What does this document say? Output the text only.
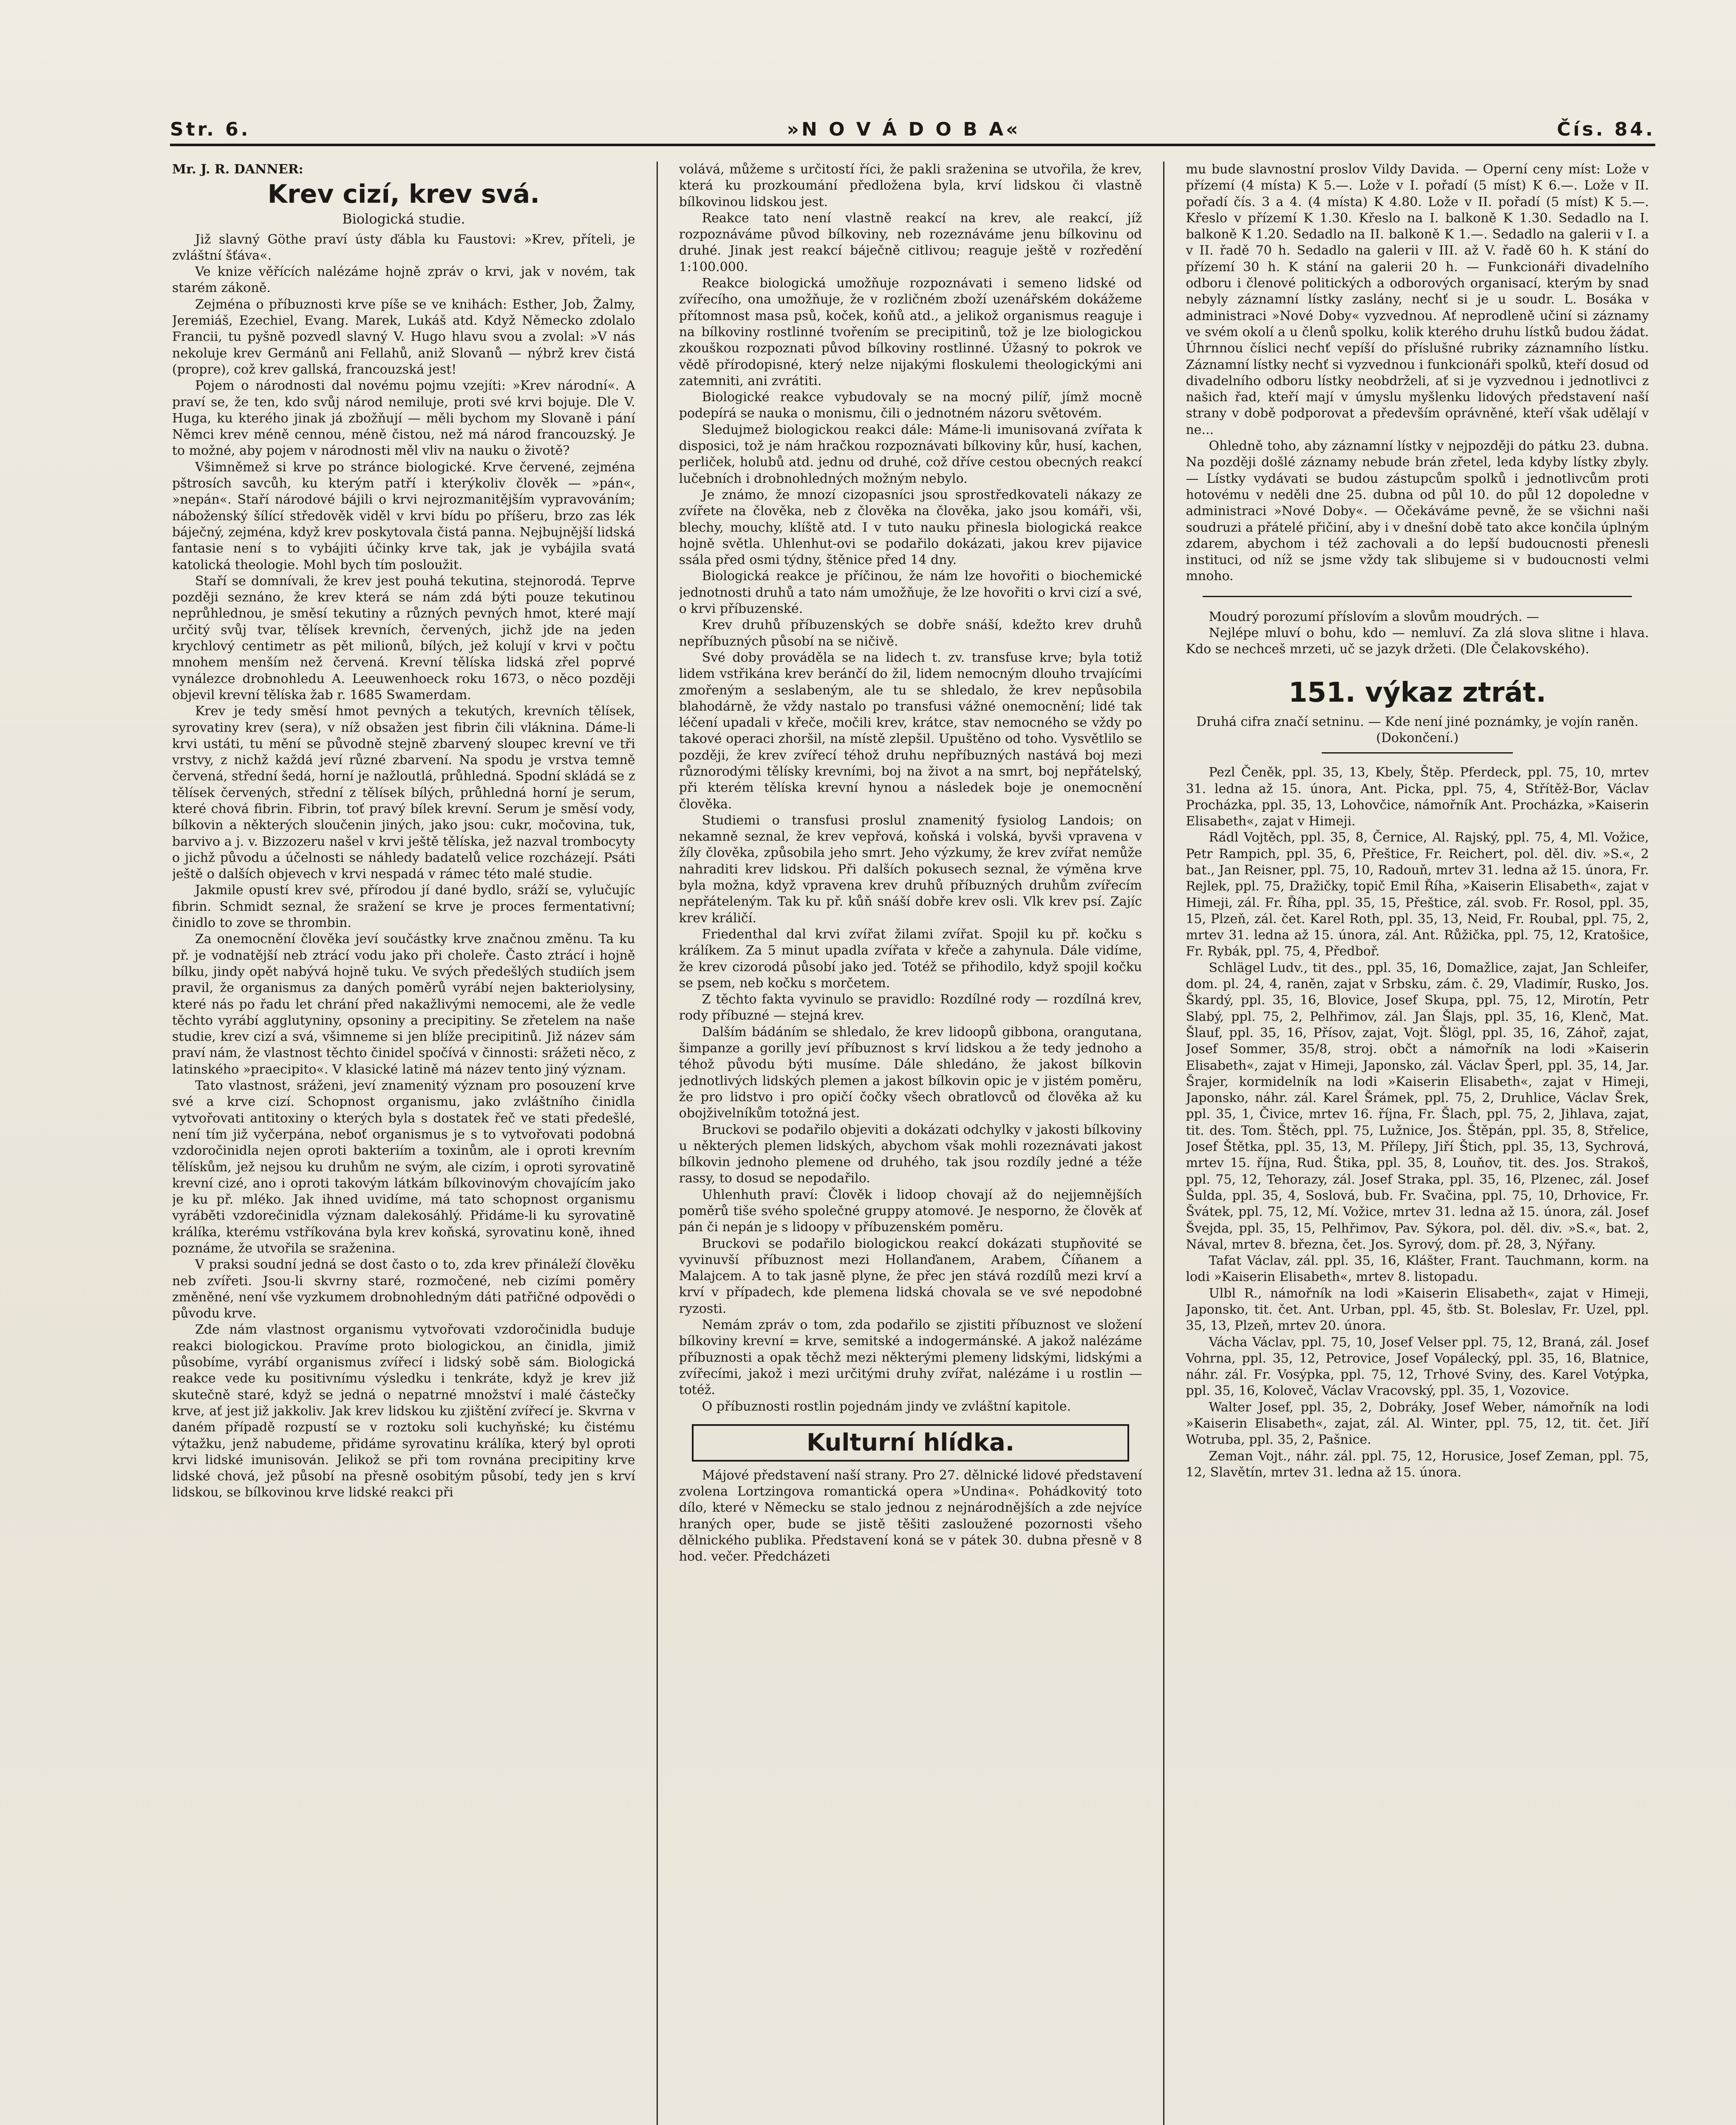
Str. 6.	»N O V Á D O B A«	Čís. 84.

Mr. J. R. DANNER:

Krev cizí, krev svá.
Biologická studie.

Již slavný Göthe praví ústy ďábla ku Faustovi: »Krev, příteli, je zvláštní šťáva«.

Ve knize věřících nalézáme hojně zpráv o krvi, jak v novém, tak starém zákoně.

Zejména o příbuznosti krve píše se ve knihách: Esther, Job, Žalmy, Jeremiáš, Ezechiel, Evang. Marek, Lukáš atd. Když Německo zdolalo Francii, tu pyšně pozvedl slavný V. Hugo hlavu svou a zvolal: »V nás nekoluje krev Germánů ani Fellahů, aniž Slovanů — nýbrž krev čistá (propre), což krev gallská, francouzská jest!

Pojem o národnosti dal novému pojmu vzejíti: »Krev národní«. A praví se, že ten, kdo svůj národ nemiluje, proti své krvi bojuje. Dle V. Huga, ku kterého jinak já zbožňují — měli bychom my Slovaně i pání Němci krev méně cennou, méně čistou, než má národ francouzský. Je to možné, aby pojem v národnosti měl vliv na nauku o životě?

Všimněmež si krve po stránce biologické. Krve červené, zejména pštrosích savcůh, ku kterým patří i kterýkoliv člověk — »pán«, »nepán«. Staří národové bájili o krvi nejrozmanitějším vypravováním; náboženský šílící středověk viděl v krvi bídu po příšeru, brzo zas lék báječný, zejména, když krev poskytovala čistá panna. Nejbujnější lidská fantasie není s to vybájiti účinky krve tak, jak je vybájila svatá katolická theologie. Mohl bych tím posloužit.

Staří se domnívali, že krev jest pouhá tekutina, stejnorodá. Teprve později seznáno, že krev která se nám zdá býti pouze tekutinou neprůhlednou, je směsí tekutiny a různých pevných hmot, které mají určitý svůj tvar, tělísek krevních, červených, jichž jde na jeden krychlový centimetr as pět milionů, bílých, jež kolují v krvi v počtu mnohem menším než červená. Krevní tělíska lidská zřel poprvé vynálezce drobnohledu A. Leeuwenhoeck roku 1673, o něco později objevil krevní tělíska žab r. 1685 Swamerdam.

Krev je tedy směsí hmot pevných a tekutých, krevních tělísek, syrovatiny krev (sera), v níž obsažen jest fibrin čili vláknina. Dáme-li krvi ustáti, tu mění se původně stejně zbarvený sloupec krevní ve tři vrstvy, z nichž každá jeví různé zbarvení. Na spodu je vrstva temně červená, střední šedá, horní je nažloutlá, průhledná. Spodní skládá se z tělísek červených, střední z tělísek bílých, průhledná horní je serum, které chová fibrin. Fibrin, toť pravý bílek krevní. Serum je směsí vody, bílkovin a některých sloučenin jiných, jako jsou: cukr, močovina, tuk, barvivo a j. v. Bizzozeru našel v krvi ještě tělíska, jež nazval trombocyty o jichž původu a účelnosti se náhledy badatelů velice rozcházejí. Psáti ještě o dalších objevech v krvi nespadá v rámec této malé studie.

Jakmile opustí krev své, přírodou jí dané bydlo, sráží se, vylučujíc fibrin. Schmidt seznal, že sražení se krve je proces fermentativní; činidlo to zove se thrombin.

Za onemocnění člověka jeví součástky krve značnou změnu. Ta ku př. je vodnatější neb ztrácí vodu jako při choleře. Často ztrácí i hojně bílku, jindy opět nabývá hojně tuku. Ve svých předešlých studiích jsem pravil, že organismus za daných poměrů vyrábí nejen bakteriolysiny, které nás po řadu let chrání před nakažlivými nemocemi, ale že vedle těchto vyrábí agglutyniny, opsoniny a precipitiny. Se zřetelem na naše studie, krev cizí a svá, všimneme si jen blíže precipitinů. Již název sám praví nám, že vlastnost těchto činidel spočívá v činnosti: srážeti něco, z latinského »praecipito«. V klasické latině má název tento jiný význam.

Tato vlastnost, sráženi, jeví znamenitý význam pro posouzení krve své a krve cizí. Schopnost organismu, jako zvláštního činidla vytvořovati antitoxiny o kterých byla s dostatek řeč ve stati předešlé, není tím již vyčerpána, neboť organismus je s to vytvořovati podobná vzdoročinidla nejen oproti bakteriím a toxinům, ale i oproti krevním tělískům, jež nejsou ku druhům ne svým, ale cizím, i oproti syrovatině krevní cizé, ano i oproti takovým látkám bílkovinovým chovajícím jako je ku př. mléko. Jak ihned uvidíme, má tato schopnost organismu vyráběti vzdorečinidla význam dalekosáhlý. Přidáme-li ku syrovatině králíka, kterému vstříkována byla krev koňská, syrovatinu koně, ihned poznáme, že utvořila se sraženina.

V praksi soudní jedná se dost často o to, zda krev přináleží člověku neb zvířeti. Jsou-li skvrny staré, rozmočené, neb cizími poměry změněné, není vše vyzkumem drobnohledným dáti patřičné odpovědi o původu krve.

Zde nám vlastnost organismu vytvořovati vzdoročinidla buduje reakci biologickou. Pravíme proto biologickou, an činidla, jimiž působíme, vyrábí organismus zvířecí i lidský sobě sám. Biologická reakce vede ku positivnímu výsledku i tenkráte, když je krev již skutečně staré, když se jedná o nepatrné množství i malé částečky krve, ať jest již jakkoliv. Jak krev lidskou ku zjištění zvířecí je. Skvrna v daném případě rozpustí se v roztoku soli kuchyňské; ku čistému výtažku, jenž nabudeme, přidáme syrovatinu králíka, který byl oproti krvi lidské imunisován. Jelikož se při tom rovnána precipitiny krve lidské chová, jež působí na přesně osobitým působí, tedy jen s krví lidskou, se bílkovinou krve lidské reakci při

volává, můžeme s určitostí říci, že pakli sraženina se utvořila, že krev, která ku prozkoumání předložena byla, krví lidskou či vlastně bílkovinou lidskou jest.

Reakce tato není vlastně reakcí na krev, ale reakcí, jíž rozpoznáváme původ bílkoviny, neb rozeznáváme jenu bílkovinu od druhé. Jinak jest reakcí báječně citlivou; reaguje ještě v rozředění 1:100.000.

Reakce biologická umožňuje rozpoznávati i semeno lidské od zvířecího, ona umožňuje, že v rozličném zboží uzenářském dokážeme přítomnost masa psů, koček, koňů atd., a jelikož organismus reaguje i na bílkoviny rostlinné tvořením se precipitinů, tož je lze biologickou zkouškou rozpoznati původ bílkoviny rostlinné. Úžasný to pokrok ve vědě přírodopisné, který nelze nijakými floskulemi theologickými ani zatemniti, ani zvrátiti.

Biologické reakce vybudovaly se na mocný pilíř, jímž mocně podepírá se nauka o monismu, čili o jednotném názoru světovém.

Sledujmež biologickou reakci dále: Máme-li imunisovaná zvířata k disposici, tož je nám hračkou rozpoznávati bílkoviny kůr, husí, kachen, perliček, holubů atd. jednu od druhé, což dříve cestou obecných reakcí lučebních i drobnohledných možným nebylo.

Je známo, že mnozí cizopasníci jsou sprostředkovateli nákazy ze zvířete na člověka, neb z člověka na člověka, jako jsou komáři, vši, blechy, mouchy, klíště atd. I v tuto nauku přinesla biologická reakce hojně světla. Uhlenhut-ovi se podařilo dokázati, jakou krev pijavice ssála před osmi týdny, štěnice před 14 dny.

Biologická reakce je příčinou, že nám lze hovořiti o biochemické jednotnosti druhů a tato nám umožňuje, že lze hovořiti o krvi cizí a své, o krvi příbuzenské.

Krev druhů příbuzenských se dobře snáší, kdežto krev druhů nepříbuzných působí na se ničivě.

Své doby prováděla se na lidech t. zv. transfuse krve; byla totiž lidem vstřikána krev beránčí do žil, lidem nemocným dlouho trvajícími zmořeným a seslabeným, ale tu se shledalo, že krev nepůsobila blahodárně, že vždy nastalo po transfusi vážné onemocnění; lidé tak léčení upadali v křeče, močili krev, krátce, stav nemocného se vždy po takové operaci zhoršil, na místě zlepšil. Upuštěno od toho. Vysvětlilo se později, že krev zvířecí téhož druhu nepříbuzných nastává boj mezi různorodými tělísky krevními, boj na život a na smrt, boj nepřátelský, při kterém tělíska krevní hynou a následek boje je onemocnění člověka.

Studiemi o transfusi proslul znamenitý fysiolog Landois; on nekamně seznal, že krev vepřová, koňská i volská, byvši vpravena v žíly člověka, způsobila jeho smrt. Jeho výzkumy, že krev zvířat nemůže nahraditi krev lidskou. Při dalších pokusech seznal, že výměna krve byla možna, když vpravena krev druhů příbuzných druhům zvířecím nepřáteleným. Tak ku př. kůň snáší dobře krev osli. Vlk krev psí. Zajíc krev králičí.

Friedenthal dal krvi zvířat žilami zvířat. Spojil ku př. kočku s králíkem. Za 5 minut upadla zvířata v křeče a zahynula. Dále vidíme, že krev cizorodá působí jako jed. Totéž se přihodilo, když spojil kočku se psem, neb kočku s morčetem.

Z těchto fakta vyvinulo se pravidlo: Rozdílné rody — rozdílná krev, rody příbuzné — stejná krev.

Dalším bádáním se shledalo, že krev lidoopů gibbona, orangutana, šimpanze a gorilly jeví příbuznost s krví lidskou a že tedy jednoho a téhož původu býti musíme. Dále shledáno, že jakost bílkovin jednotlivých lidských plemen a jakost bílkovin opic je v jistém poměru, že pro lidstvo i pro opičí čočky všech obratlovců od člověka až ku obojživelníkům totožná jest.

Bruckovi se podařilo objeviti a dokázati odchylky v jakosti bílkoviny u některých plemen lidských, abychom však mohli rozeznávati jakost bílkovin jednoho plemene od druhého, tak jsou rozdíly jedné a téže rassy, to dosud se nepodařilo.

Uhlenhuth praví: Člověk i lidoop chovají až do nejjemnějších poměrů tiše svého společné gruppy atomové. Je nesporno, že člověk ať pán či nepán je s lidoopy v příbuzenském poměru.

Bruckovi se podařilo biologickou reakcí dokázati stupňovité se vyvinuvší příbuznost mezi Hollanďanem, Arabem, Číňanem a Malajcem. A to tak jasně plyne, že přec jen stává rozdílů mezi krví a krví v případech, kde plemena lidská chovala se ve své nepodobné ryzosti.

Nemám zpráv o tom, zda podařilo se zjistiti příbuznost ve složení bílkoviny krevní = krve, semitské a indogermánské. A jakož nalézáme příbuznosti a opak těchž mezi některými plemeny lidskými, lidskými a zvířecími, jakož i mezi určitými druhy zvířat, nalézáme i u rostlin — totéž.

O příbuznosti rostlin pojednám jindy ve zvláštní kapitole.

Kulturní hlídka.

Májové představení naší strany. Pro 27. dělnické lidové představení zvolena Lortzingova romantická opera »Undina«. Pohádkovitý toto dílo, které v Německu se stalo jednou z nejnárodnějších a zde nejvíce hraných oper, bude se jistě těšiti zasloužené pozornosti všeho dělnického publika. Představení koná se v pátek 30. dubna přesně v 8 hod. večer. Předcházeti

mu bude slavnostní proslov Vildy Davida. — Operní ceny míst: Lože v přízemí (4 místa) K 5.—. Lože v I. pořadí (5 míst) K 6.—. Lože v II. pořadí čís. 3 a 4. (4 místa) K 4.80. Lože v II. pořadí (5 míst) K 5.—. Křeslo v přízemí K 1.30. Křeslo na I. balkoně K 1.30. Sedadlo na I. balkoně K 1.20. Sedadlo na II. balkoně K 1.—. Sedadlo na galerii v I. a v II. řadě 70 h. Sedadlo na galerii v III. až V. řadě 60 h. K stání do přízemí 30 h. K stání na galerii 20 h. — Funkcionáři divadelního odboru i členové politických a odborových organisací, kterým by snad nebyly záznamní lístky zaslány, nechť si je u soudr. L. Bosáka v administraci »Nové Doby« vyzvednou. Ať neprodleně učiní si záznamy ve svém okolí a u členů spolku, kolik kterého druhu lístků budou žádat. Úhrnnou číslici nechť vepíší do příslušné rubriky záznamního lístku. Záznamní lístky nechť si vyzvednou i funkcionáři spolků, kteří dosud od divadelního odboru lístky neobdrželi, ať si je vyzvednou i jednotlivci z našich řad, kteří mají v úmyslu myšlenku lidových představení naší strany v době podporovat a především oprávněné, kteří však udělají v ne...

Ohledně toho, aby záznamní lístky v nejpozději do pátku 23. dubna. Na později došlé záznamy nebude brán zřetel, leda kdyby lístky zbyly. — Lístky vydávati se budou zástupcům spolků i jednotlivcům proti hotovému v neděli dne 25. dubna od půl 10. do půl 12 dopoledne v administraci »Nové Doby«. — Očekáváme pevně, že se všichni naši soudruzi a přátelé přičiní, aby i v dnešní době tato akce končila úplným zdarem, abychom i též zachovali a do lepší budoucnosti přenesli instituci, od níž se jsme vždy tak slibujeme si v budoucnosti velmi mnoho.

Moudrý porozumí příslovím a slovům moudrých. —

Nejlépe mluví o bohu, kdo — nemluví. Za zlá slova slitne i hlava. Kdo se nechceš mrzeti, uč se jazyk držeti. (Dle Čelakovského).

151. výkaz ztrát.

Druhá cifra značí setninu. — Kde není jiné poznámky, je vojín raněn. (Dokončení.)

Pezl Čeněk, ppl. 35, 13, Kbely, Štěp. Pferdeck, ppl. 75, 10, mrtev 31. ledna až 15. února, Ant. Picka, ppl. 75, 4, Střítěž-Bor, Václav Procházka, ppl. 35, 13, Lohovčice, námořník Ant. Procházka, »Kaiserin Elisabeth«, zajat v Himeji.

Rádl Vojtěch, ppl. 35, 8, Černice, Al. Rajský, ppl. 75, 4, Ml. Vožice, Petr Rampich, ppl. 35, 6, Přeštice, Fr. Reichert, pol. děl. div. »S.«, 2 bat., Jan Reisner, ppl. 75, 10, Radouň, mrtev 31. ledna až 15. února, Fr. Rejlek, ppl. 75, Dražičky, topič Emil Říha, »Kaiserin Elisabeth«, zajat v Himeji, zál. Fr. Říha, ppl. 35, 15, Přeštice, zál. svob. Fr. Rosol, ppl. 35, 15, Plzeň, zál. čet. Karel Roth, ppl. 35, 13, Neid, Fr. Roubal, ppl. 75, 2, mrtev 31. ledna až 15. února, zál. Ant. Růžička, ppl. 75, 12, Kratošice, Fr. Rybák, ppl. 75, 4, Předboř.

Schlägel Ludv., tit des., ppl. 35, 16, Domažlice, zajat, Jan Schleifer, dom. pl. 24, 4, raněn, zajat v Srbsku, zám. č. 29, Vladimír, Rusko, Jos. Škardý, ppl. 35, 16, Blovice, Josef Skupa, ppl. 75, 12, Mirotín, Petr Slabý, ppl. 75, 2, Pelhřimov, zál. Jan Šlajs, ppl. 35, 16, Klenč, Mat. Šlauf, ppl. 35, 16, Přísov, zajat, Vojt. Šlögl, ppl. 35, 16, Záhoř, zajat, Josef Sommer, 35/8, stroj. občt a námořník na lodi »Kaiserin Elisabeth«, zajat v Himeji, Japonsko, zál. Václav Šperl, ppl. 35, 14, Jar. Šrajer, kormidelník na lodi »Kaiserin Elisabeth«, zajat v Himeji, Japonsko, náhr. zál. Karel Šrámek, ppl. 75, 2, Druhlice, Václav Šrek, ppl. 35, 1, Čivice, mrtev 16. října, Fr. Šlach, ppl. 75, 2, Jihlava, zajat, tit. des. Tom. Štěch, ppl. 75, Lužnice, Jos. Štěpán, ppl. 35, 8, Střelice, Josef Štětka, ppl. 35, 13, M. Přílepy, Jiří Štich, ppl. 35, 13, Sychrová, mrtev 15. října, Rud. Štika, ppl. 35, 8, Louňov, tit. des. Jos. Strakoš, ppl. 75, 12, Tehorazy, zál. Josef Straka, ppl. 35, 16, Plzenec, zál. Josef Šulda, ppl. 35, 4, Soslová, bub. Fr. Svačina, ppl. 75, 10, Drhovice, Fr. Švátek, ppl. 75, 12, Mí. Vožice, mrtev 31. ledna až 15. února, zál. Josef Švejda, ppl. 35, 15, Pelhřimov, Pav. Sýkora, pol. děl. div. »S.«, bat. 2, Nával, mrtev 8. března, čet. Jos. Syrový, dom. př. 28, 3, Nýřany.

Tafat Václav, zál. ppl. 35, 16, Klášter, Frant. Tauchmann, korm. na lodi »Kaiserin Elisabeth«, mrtev 8. listopadu.

Ulbl R., námořník na lodi »Kaiserin Elisabeth«, zajat v Himeji, Japonsko, tit. čet. Ant. Urban, ppl. 45, štb. St. Boleslav, Fr. Uzel, ppl. 35, 13, Plzeň, mrtev 20. února.

Vácha Václav, ppl. 75, 10, Josef Velser ppl. 75, 12, Braná, zál. Josef Vohrna, ppl. 35, 12, Petrovice, Josef Vopálecký, ppl. 35, 16, Blatnice, náhr. zál. Fr. Vosýpka, ppl. 75, 12, Trhové Sviny, des. Karel Votýpka, ppl. 35, 16, Koloveč, Václav Vracovský, ppl. 35, 1, Vozovice.

Walter Josef, ppl. 35, 2, Dobráky, Josef Weber, námořník na lodi »Kaiserin Elisabeth«, zajat, zál. Al. Winter, ppl. 75, 12, tit. čet. Jiří Wotruba, ppl. 35, 2, Pašnice.

Zeman Vojt., náhr. zál. ppl. 75, 12, Horusice, Josef Zeman, ppl. 75, 12, Slavětín, mrtev 31. ledna až 15. února.
